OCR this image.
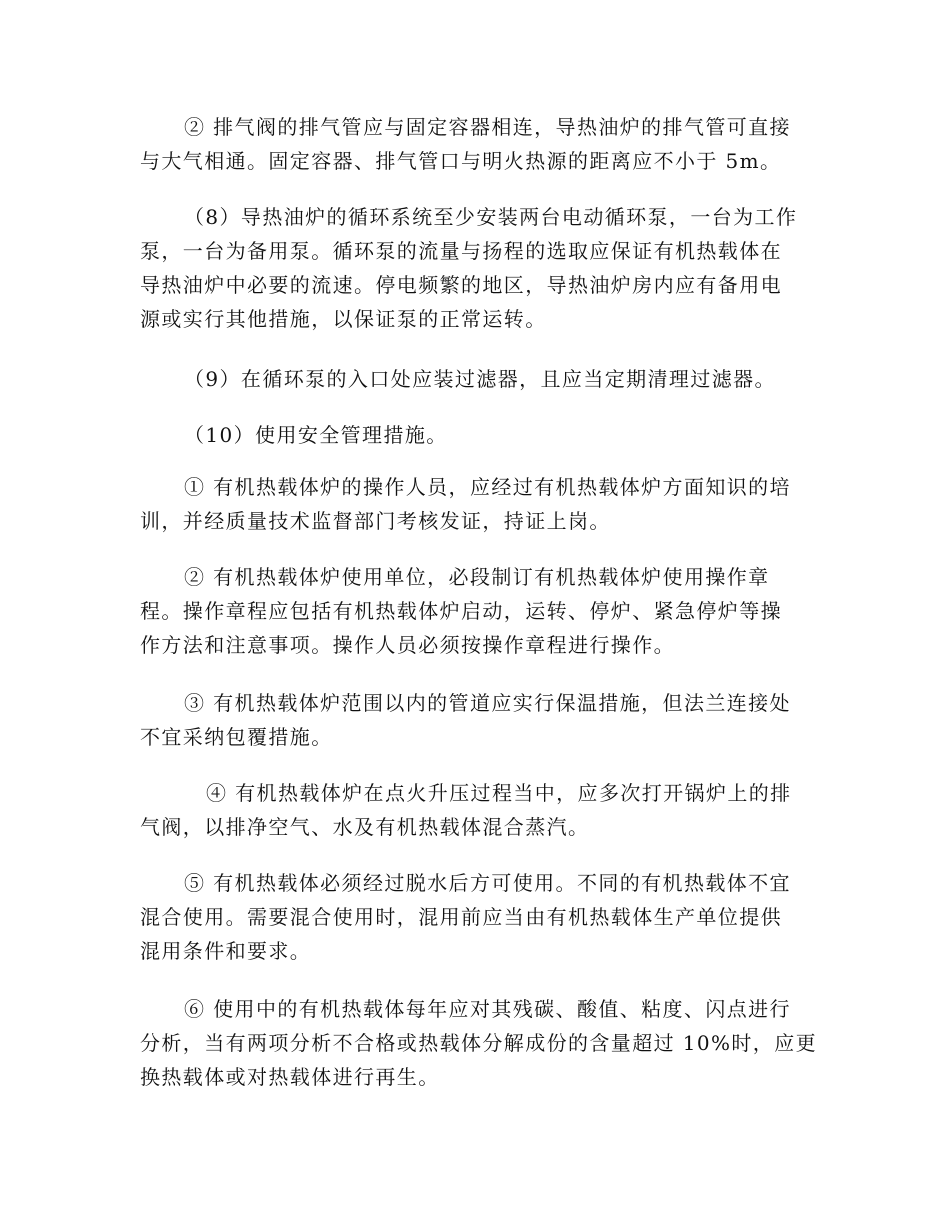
② 排气阀的排气管应与固定容器相连，导热油炉的排气管可直接
与大气相通。固定容器、排气管口与明火热源的距离应不小于 5m。
（8）导热油炉的循环系统至少安装两台电动循环泵，一台为工作
泵，一台为备用泵。循环泵的流量与扬程的选取应保证有机热载体在
导热油炉中必要的流速。停电频繁的地区，导热油炉房内应有备用电
源或实行其他措施，以保证泵的正常运转。
（9）在循环泵的入口处应装过滤器，且应当定期清理过滤器。
（10）使用安全管理措施。
① 有机热载体炉的操作人员，应经过有机热载体炉方面知识的培
训，并经质量技术监督部门考核发证，持证上岗。
② 有机热载体炉使用单位，必段制订有机热载体炉使用操作章
程。操作章程应包括有机热载体炉启动，运转、停炉、紧急停炉等操
作方法和注意事项。操作人员必须按操作章程进行操作。
③ 有机热载体炉范围以内的管道应实行保温措施，但法兰连接处
不宜采纳包覆措施。
④ 有机热载体炉在点火升压过程当中，应多次打开锅炉上的排
气阀，以排净空气、水及有机热载体混合蒸汽。
⑤ 有机热载体必须经过脱水后方可使用。不同的有机热载体不宜
混合使用。需要混合使用时，混用前应当由有机热载体生产单位提供
混用条件和要求。
⑥ 使用中的有机热载体每年应对其残碳、酸值、粘度、闪点进行
分析，当有两项分析不合格或热载体分解成份的含量超过 10%时，应更
换热载体或对热载体进行再生。
